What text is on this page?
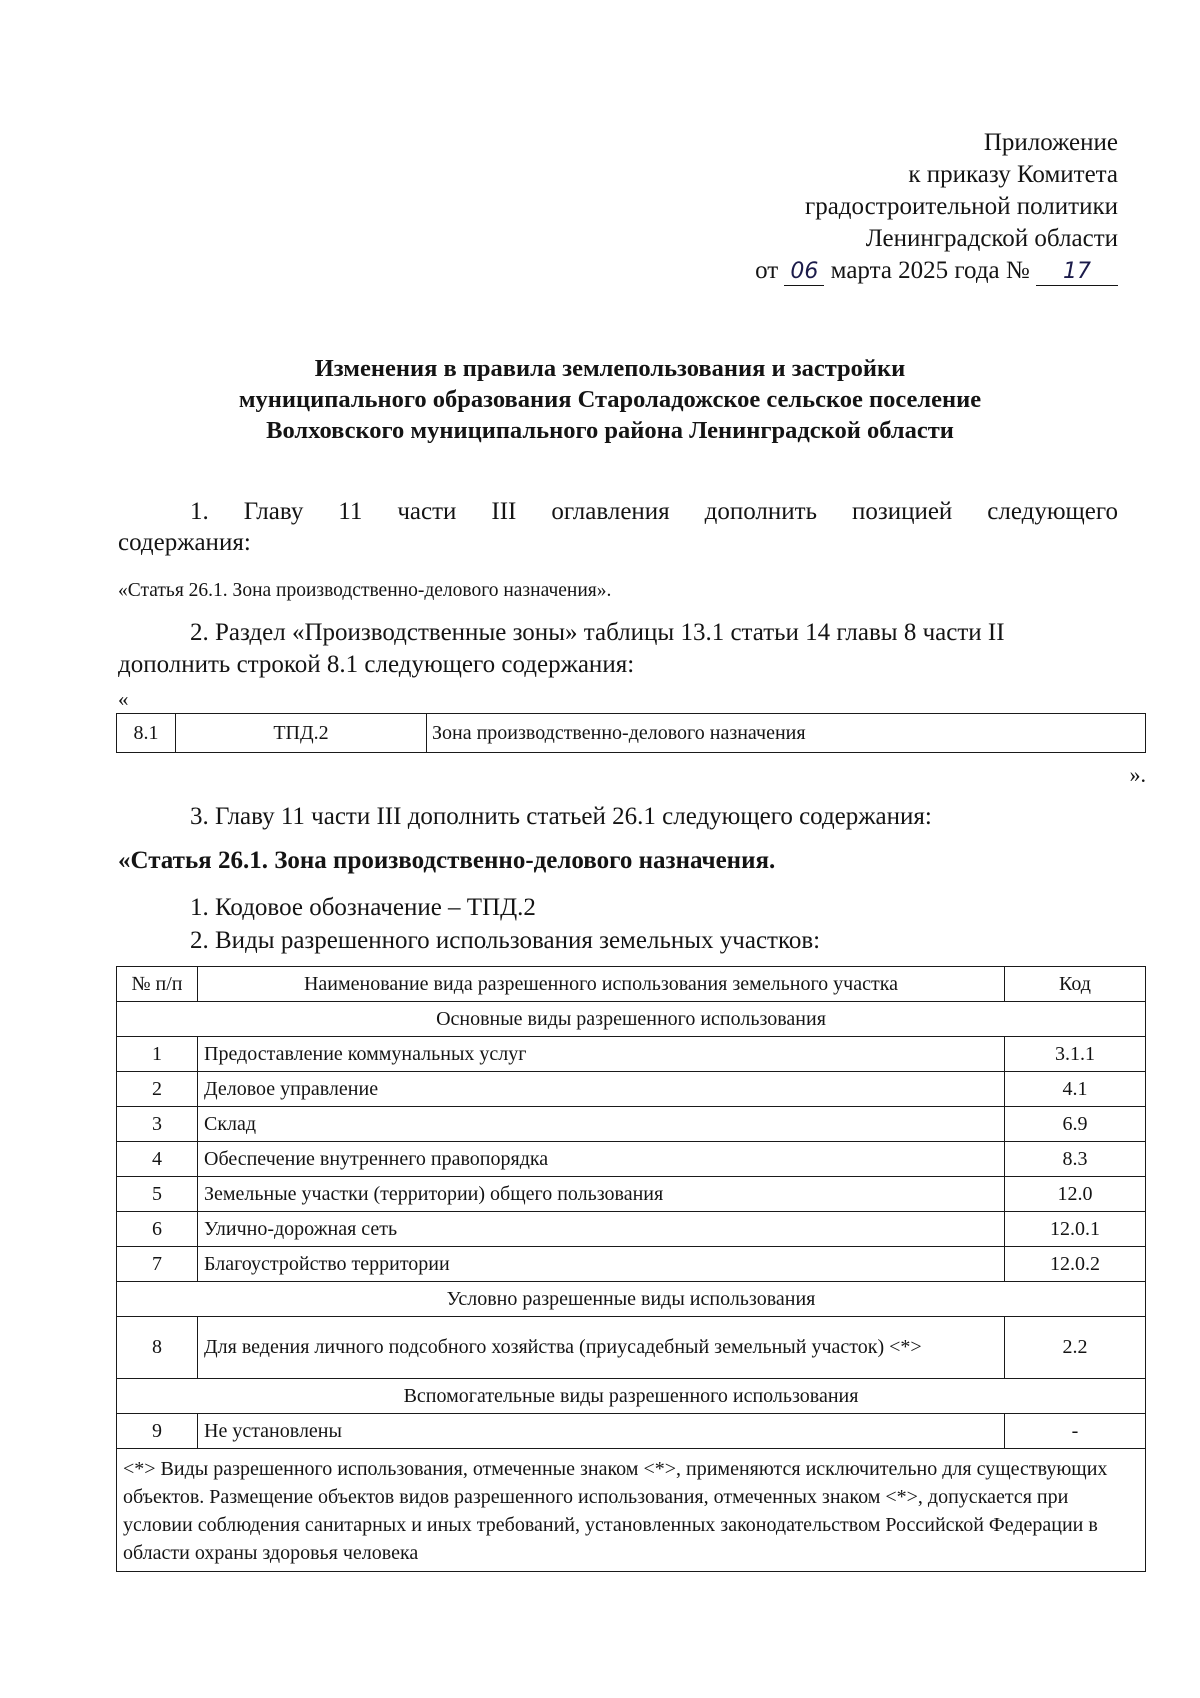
Приложение
к приказу Комитета
градостроительной политики
Ленинградской области
от 06 марта 2025 года № 17
Изменения в правила землепользования и застройки
муниципального образования Староладожское сельское поселение
Волховского муниципального района Ленинградской области
1. Главу 11 части III оглавления дополнить позицией следующего
содержания:
«Статья 26.1. Зона производственно-делового назначения».
2. Раздел «Производственные зоны» таблицы 13.1 статьи 14 главы 8 части II
дополнить строкой 8.1 следующего содержания:
«
8.1	ТПД.2	Зона производственно-делового назначения
».
3. Главу 11 части III дополнить статьей 26.1 следующего содержания:
«Статья 26.1. Зона производственно-делового назначения.
1. Кодовое обозначение – ТПД.2
2. Виды разрешенного использования земельных участков:
№ п/п	Наименование вида разрешенного использования земельного участка	Код
Основные виды разрешенного использования		
1	Предоставление коммунальных услуг	3.1.1
2	Деловое управление	4.1
3	Склад	6.9
4	Обеспечение внутреннего правопорядка	8.3
5	Земельные участки (территории) общего пользования	12.0
6	Улично-дорожная сеть	12.0.1
7	Благоустройство территории	12.0.2
Условно разрешенные виды использования		
8	Для ведения личного подсобного хозяйства (приусадебный земельный участок) <*>	2.2
Вспомогательные виды разрешенного использования		
9	Не установлены	-
<*> Виды разрешенного использования, отмеченные знаком <*>, применяются исключительно для существующих объектов. Размещение объектов видов разрешенного использования, отмеченных знаком <*>, допускается при условии соблюдения санитарных и иных требований, установленных законодательством Российской Федерации в области охраны здоровья человека		
